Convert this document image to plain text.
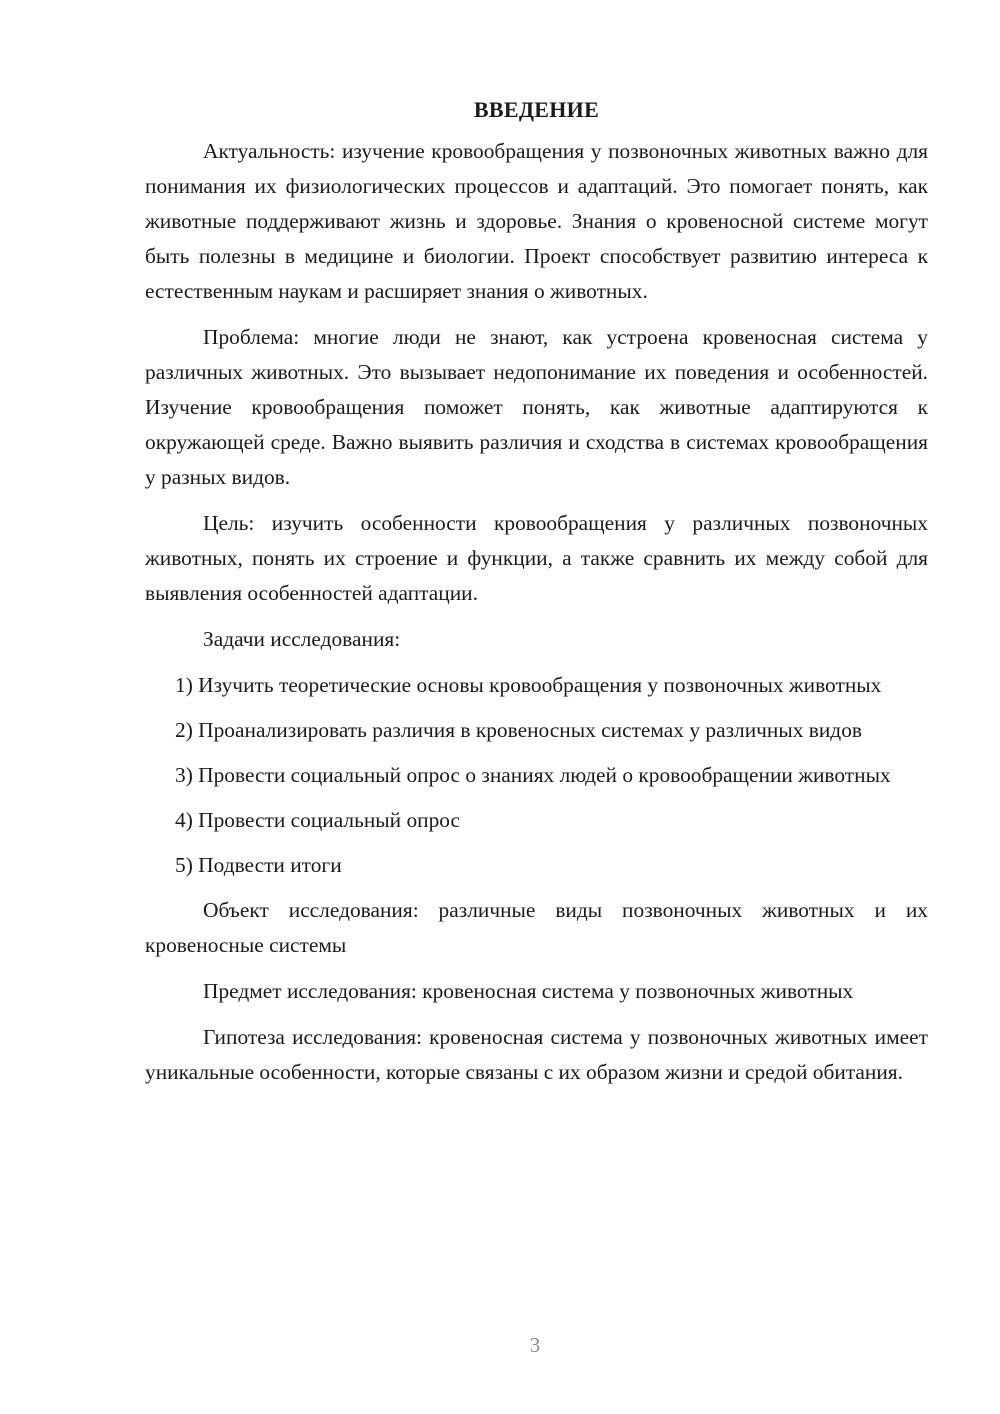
ВВЕДЕНИЕ

Актуальность: изучение кровообращения у позвоночных животных важно для понимания их физиологических процессов и адаптаций. Это помогает понять, как животные поддерживают жизнь и здоровье. Знания о кровеносной системе могут быть полезны в медицине и биологии. Проект способствует развитию интереса к естественным наукам и расширяет знания о животных.

Проблема: многие люди не знают, как устроена кровеносная система у различных животных. Это вызывает недопонимание их поведения и особенностей. Изучение кровообращения поможет понять, как животные адаптируются к окружающей среде. Важно выявить различия и сходства в системах кровообращения у разных видов.

Цель: изучить особенности кровообращения у различных позвоночных животных, понять их строение и функции, а также сравнить их между собой для выявления особенностей адаптации.

Задачи исследования:

1) Изучить теоретические основы кровообращения у позвоночных животных

2) Проанализировать различия в кровеносных системах у различных видов

3) Провести социальный опрос о знаниях людей о кровообращении животных

4) Провести социальный опрос

5) Подвести итоги

Объект исследования: различные виды позвоночных животных и их кровеносные системы

Предмет исследования: кровеносная система у позвоночных животных

Гипотеза исследования: кровеносная система у позвоночных животных имеет уникальные особенности, которые связаны с их образом жизни и средой обитания.

3
